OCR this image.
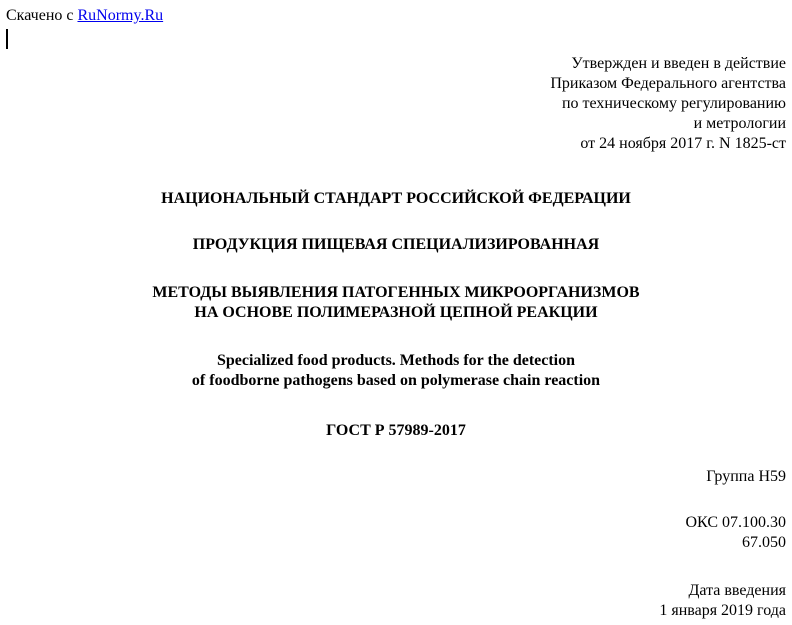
Скачено с RuNormy.Ru
Утвержден и введен в действие
Приказом Федерального агентства
по техническому регулированию
и метрологии
от 24 ноября 2017 г. N 1825-ст
НАЦИОНАЛЬНЫЙ СТАНДАРТ РОССИЙСКОЙ ФЕДЕРАЦИИ
ПРОДУКЦИЯ ПИЩЕВАЯ СПЕЦИАЛИЗИРОВАННАЯ
МЕТОДЫ ВЫЯВЛЕНИЯ ПАТОГЕННЫХ МИКРООРГАНИЗМОВ
НА ОСНОВЕ ПОЛИМЕРАЗНОЙ ЦЕПНОЙ РЕАКЦИИ
Specialized food products. Methods for the detection
of foodborne pathogens based on polymerase chain reaction
ГОСТ Р 57989-2017
Группа Н59
ОКС 07.100.30
67.050
Дата введения
1 января 2019 года
